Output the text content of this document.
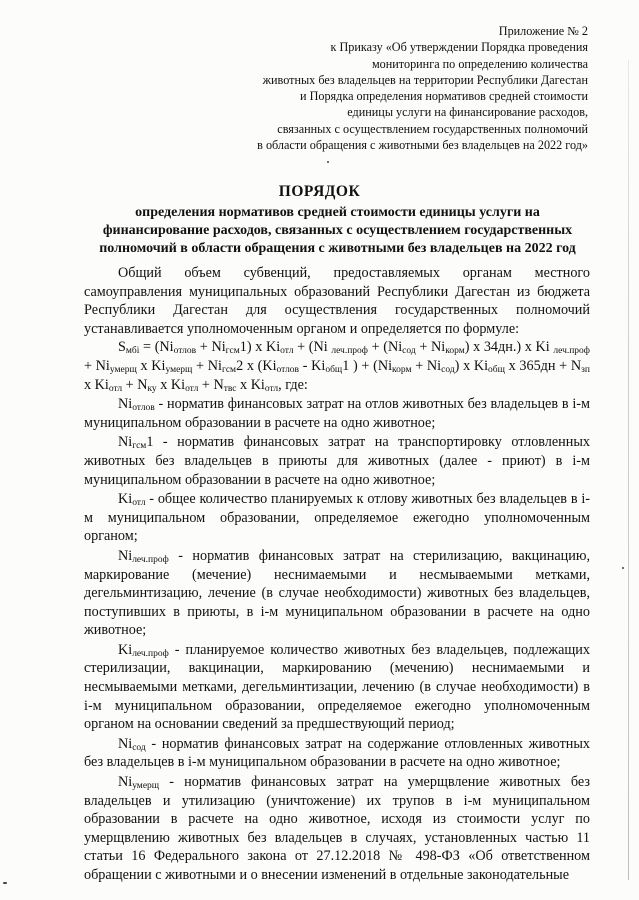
Приложение № 2
к Приказу «Об утверждении Порядка проведения
мониторинга по определению количества
животных без владельцев на территории Республики Дагестан
и Порядка определения нормативов средней стоимости
единицы услуги на финансирование расходов,
связанных с осуществлением государственных полномочий
в области обращения с животными без владельцев на 2022 год»
ПОРЯДОК
определения нормативов средней стоимости единицы услуги на финансирование расходов, связанных с осуществлением государственных полномочий в области обращения с животными без владельцев на 2022 год

Общий объем субвенций, предоставляемых органам местного самоуправления муниципальных образований Республики Дагестан из бюджета Республики Дагестан для осуществления государственных полномочий устанавливается уполномоченным органом и определяется по формуле:

$S_{мбi} = (Ni_{отлов} + Ni_{гсм}1)$ x $Ki_{отл} + (Ni$ $_{леч.проф} + (Ni_{сод} + Ni_{корм})$ x 34дн.) x Ki $_{леч.проф} + Ni_{умерщ}$ x $Ki_{умерщ} + Ni_{гсм}2$ x ($Ki_{отлов} - Ki_{общ}1$ ) + $(Ni_{корм} + Ni_{сод})$ x $Ki_{общ}$ x $365дн + N_{зп}$ x $Ki_{отл} + N_{ку}$ x $Ki_{отл} + N_{твс}$ x $Ki_{отл}$, где:

$Ni_{отлов}$ - норматив финансовых затрат на отлов животных без владельцев в i-м муниципальном образовании в расчете на одно животное;

$Ni_{гсм}1$ - норматив финансовых затрат на транспортировку отловленных животных без владельцев в приюты для животных (далее - приют) в i-м муниципальном образовании в расчете на одно животное;

$Ki_{отл}$ - общее количество планируемых к отлову животных без владельцев в i-м муниципальном образовании, определяемое ежегодно уполномоченным органом;

$Ni_{леч.проф}$ - норматив финансовых затрат на стерилизацию, вакцинацию, маркирование (мечение) неснимаемыми и несмываемыми метками, дегельминтизацию, лечение (в случае необходимости) животных без владельцев, поступивших в приюты, в i-м муниципальном образовании в расчете на одно животное;

$Ki_{леч.проф}$ - планируемое количество животных без владельцев, подлежащих стерилизации, вакцинации, маркированию (мечению) неснимаемыми и несмываемыми метками, дегельминтизации, лечению (в случае необходимости) в i-м муниципальном образовании, определяемое ежегодно уполномоченным органом на основании сведений за предшествующий период;

$Ni_{сод}$ - норматив финансовых затрат на содержание отловленных животных без владельцев в i-м муниципальном образовании в расчете на одно животное;

$Ni_{умерщ}$ - норматив финансовых затрат на умерщвление животных без владельцев и утилизацию (уничтожение) их трупов в i-м муниципальном образовании в расчете на одно животное, исходя из стоимости услуг по умерщвлению животных без владельцев в случаях, установленных частью 11 статьи 16 Федерального закона от 27.12.2018 № 498-ФЗ «Об ответственном обращении с животными и о внесении изменений в отдельные законодательные
